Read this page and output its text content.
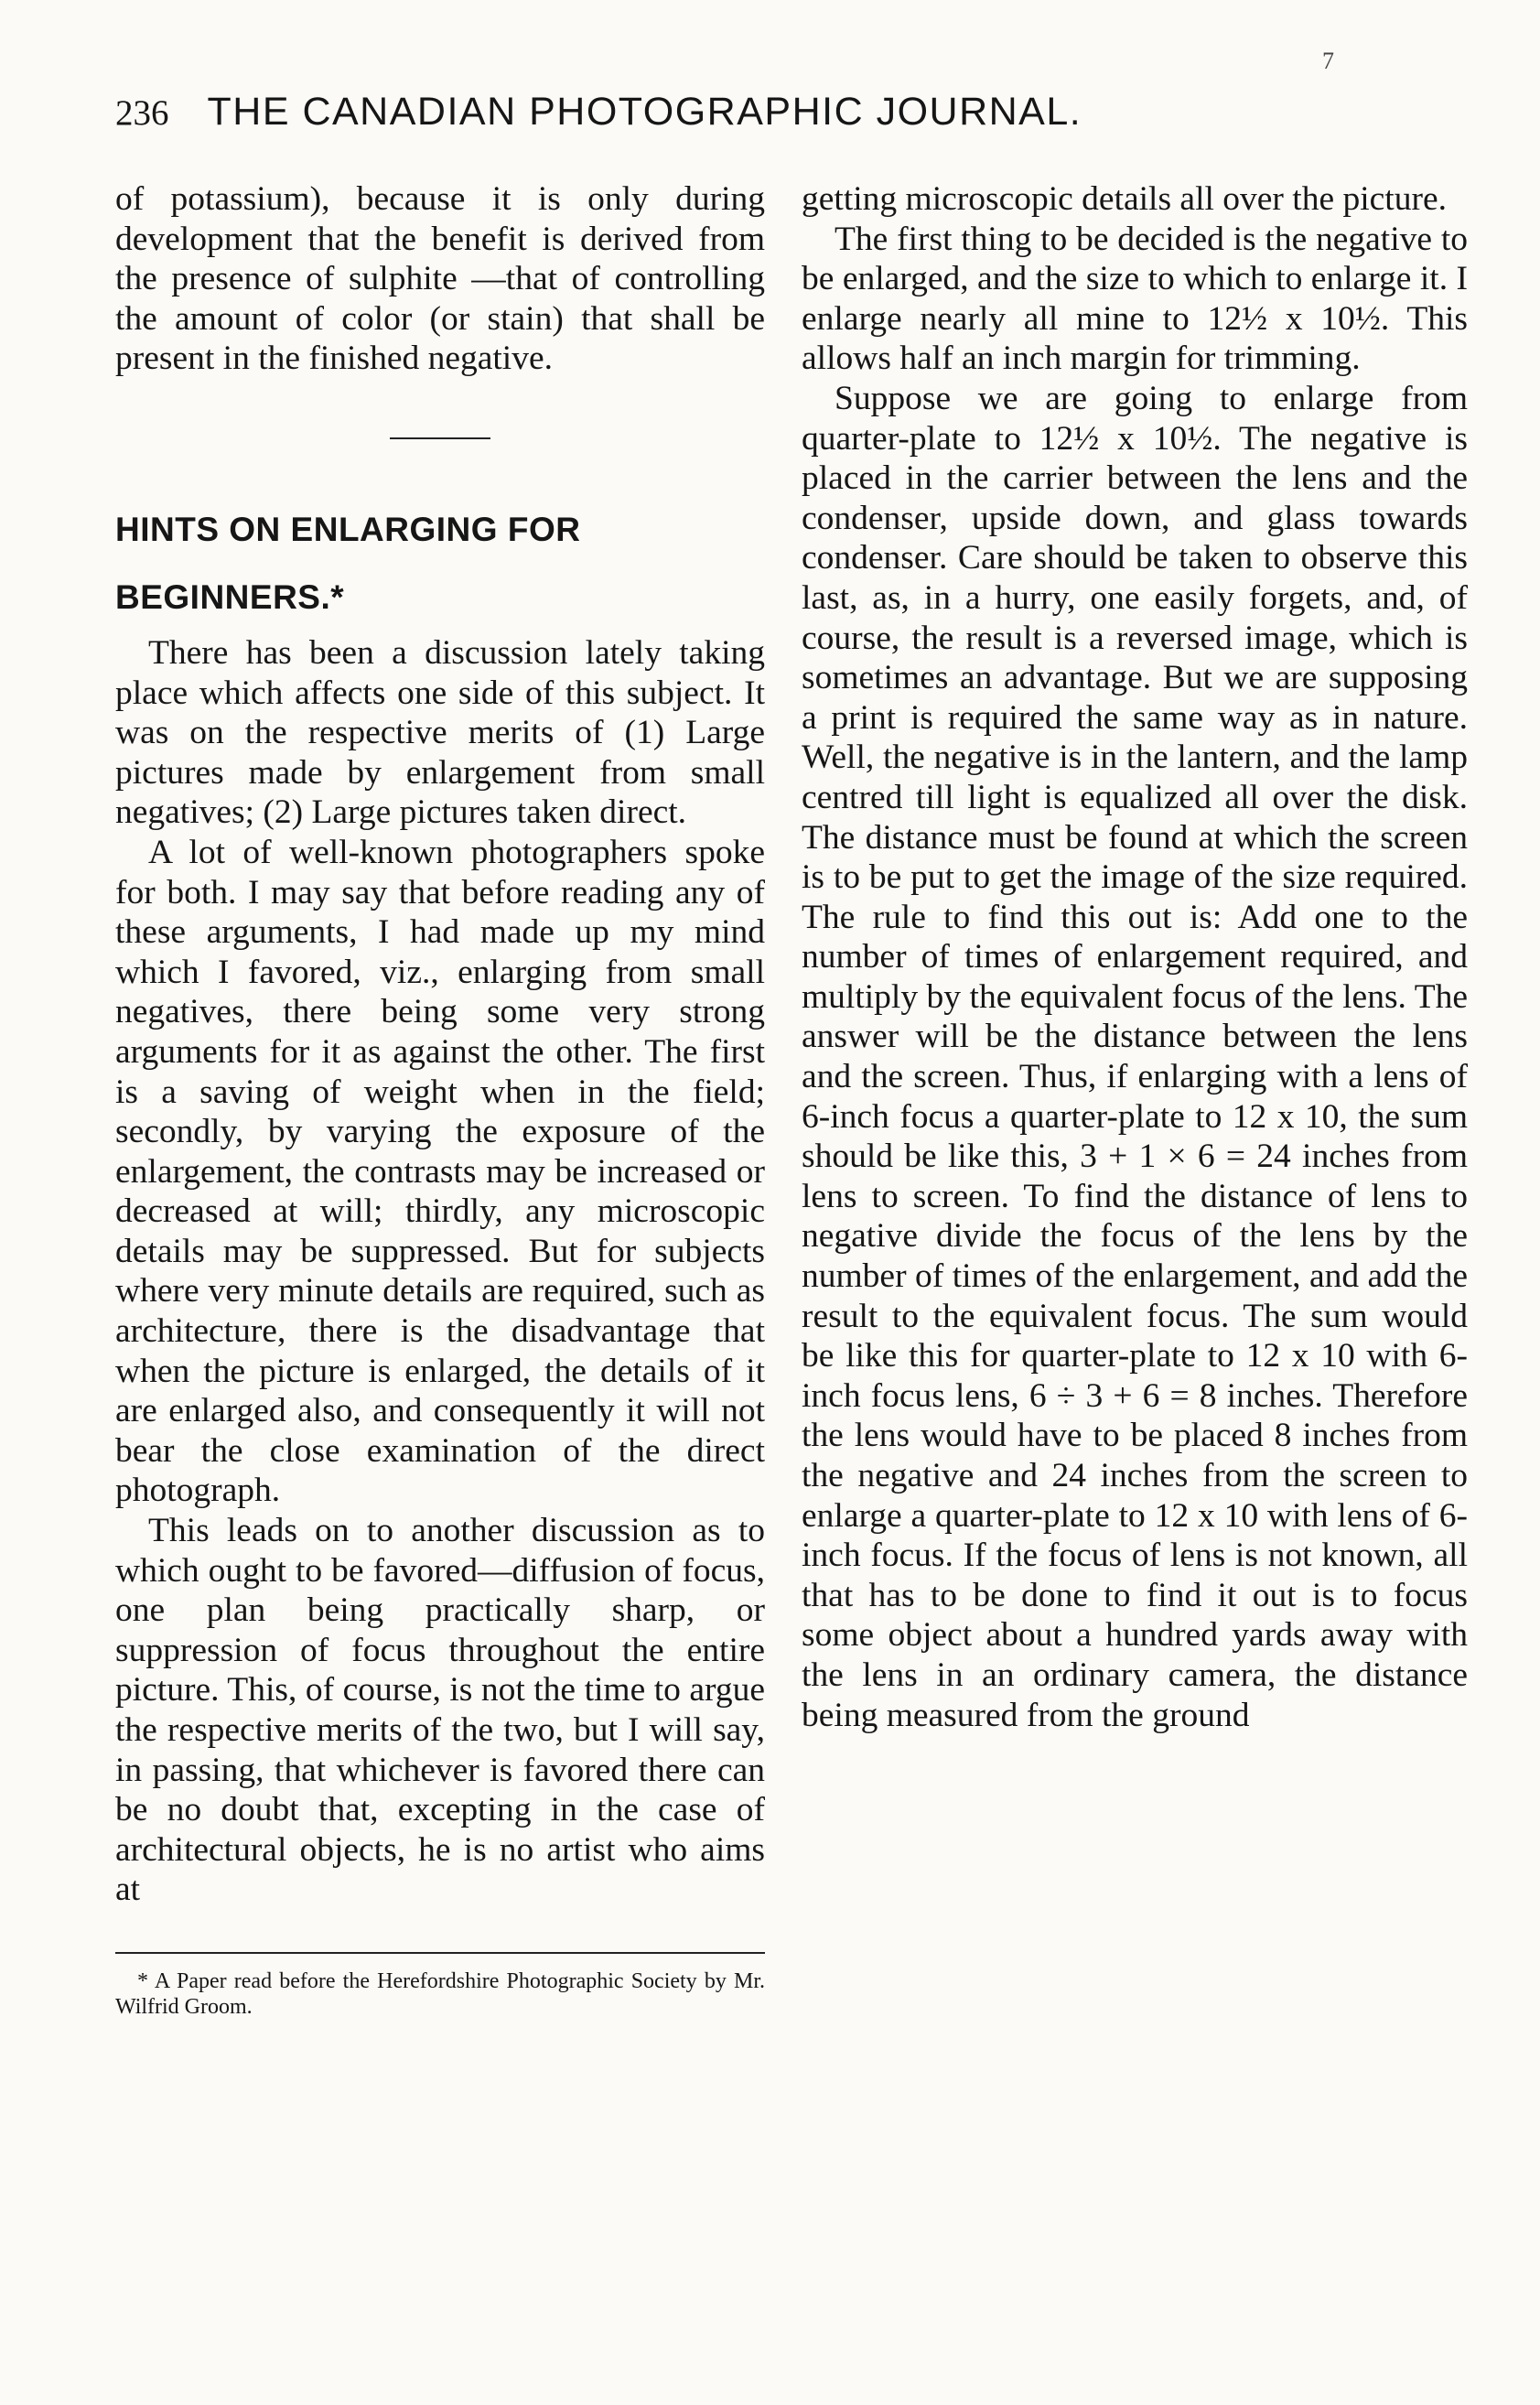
7
236 THE CANADIAN PHOTOGRAPHIC JOURNAL.

of potassium), because it is only during development that the benefit is derived from the presence of sulphite —that of controlling the amount of color (or stain) that shall be present in the finished negative.

HINTS ON ENLARGING FOR
BEGINNERS.*

There has been a discussion lately taking place which affects one side of this subject. It was on the respective merits of (1) Large pictures made by enlargement from small negatives; (2) Large pictures taken direct.

A lot of well-known photographers spoke for both. I may say that before reading any of these arguments, I had made up my mind which I favored, viz., enlarging from small negatives, there being some very strong arguments for it as against the other. The first is a saving of weight when in the field; secondly, by varying the exposure of the enlargement, the contrasts may be increased or decreased at will; thirdly, any microscopic details may be suppressed. But for subjects where very minute details are required, such as architecture, there is the disadvantage that when the picture is enlarged, the details of it are enlarged also, and consequently it will not bear the close examination of the direct photograph.

This leads on to another discussion as to which ought to be favored—diffusion of focus, one plan being practically sharp, or suppression of focus throughout the entire picture. This, of course, is not the time to argue the respective merits of the two, but I will say, in passing, that whichever is favored there can be no doubt that, excepting in the case of architectural objects, he is no artist who aims at

* A Paper read before the Herefordshire Photographic Society by Mr. Wilfrid Groom.

getting microscopic details all over the picture.

The first thing to be decided is the negative to be enlarged, and the size to which to enlarge it. I enlarge nearly all mine to 12½ x 10½. This allows half an inch margin for trimming.

Suppose we are going to enlarge from quarter-plate to 12½ x 10½. The negative is placed in the carrier between the lens and the condenser, upside down, and glass towards condenser. Care should be taken to observe this last, as, in a hurry, one easily forgets, and, of course, the result is a reversed image, which is sometimes an advantage. But we are supposing a print is required the same way as in nature. Well, the negative is in the lantern, and the lamp centred till light is equalized all over the disk. The distance must be found at which the screen is to be put to get the image of the size required. The rule to find this out is: Add one to the number of times of enlargement required, and multiply by the equivalent focus of the lens. The answer will be the distance between the lens and the screen. Thus, if enlarging with a lens of 6-inch focus a quarter-plate to 12 x 10, the sum should be like this, 3 + 1 × 6 = 24 inches from lens to screen. To find the distance of lens to negative divide the focus of the lens by the number of times of the enlargement, and add the result to the equivalent focus. The sum would be like this for quarter-plate to 12 x 10 with 6-inch focus lens, 6 ÷ 3 + 6 = 8 inches. Therefore the lens would have to be placed 8 inches from the negative and 24 inches from the screen to enlarge a quarter-plate to 12 x 10 with lens of 6-inch focus. If the focus of lens is not known, all that has to be done to find it out is to focus some object about a hundred yards away with the lens in an ordinary camera, the distance being measured from the ground
